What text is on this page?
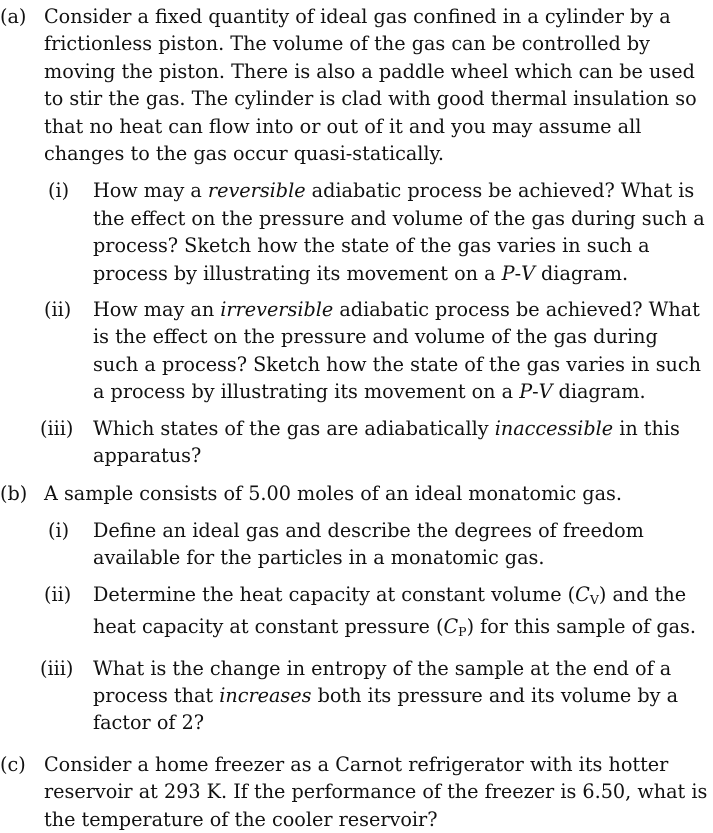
(a) Consider a fixed quantity of ideal gas confined in a cylinder by a frictionless piston. The volume of the gas can be controlled by moving the piston. There is also a paddle wheel which can be used to stir the gas. The cylinder is clad with good thermal insulation so that no heat can flow into or out of it and you may assume all changes to the gas occur quasi-statically.
(i) How may a reversible adiabatic process be achieved? What is the effect on the pressure and volume of the gas during such a process? Sketch how the state of the gas varies in such a process by illustrating its movement on a P-V diagram.
(ii) How may an irreversible adiabatic process be achieved? What is the effect on the pressure and volume of the gas during such a process? Sketch how the state of the gas varies in such a process by illustrating its movement on a P-V diagram.
(iii) Which states of the gas are adiabatically inaccessible in this apparatus?
(b) A sample consists of 5.00 moles of an ideal monatomic gas.
(i) Define an ideal gas and describe the degrees of freedom available for the particles in a monatomic gas.
(ii) Determine the heat capacity at constant volume (CV) and the heat capacity at constant pressure (CP) for this sample of gas.
(iii) What is the change in entropy of the sample at the end of a process that increases both its pressure and its volume by a factor of 2?
(c) Consider a home freezer as a Carnot refrigerator with its hotter reservoir at 293 K. If the performance of the freezer is 6.50, what is the temperature of the cooler reservoir?
